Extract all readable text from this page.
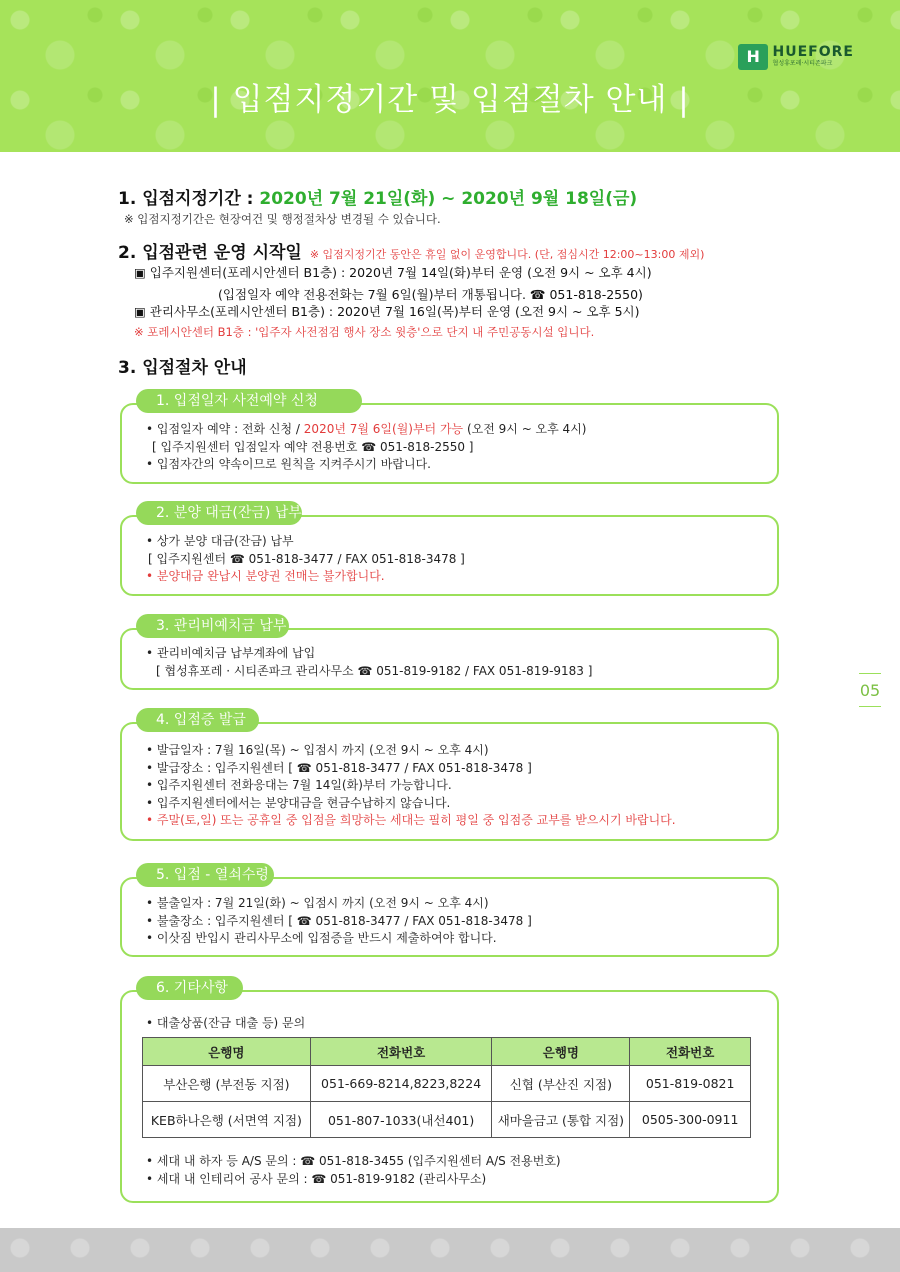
H HUEFORE
협성휴포레·시티존파크
| 입점지정기간 및 입점절차 안내 |
1. 입점지정기간 : 2020년 7월 21일(화) ~ 2020년 9월 18일(금)
※ 입점지정기간은 현장여건 및 행정절차상 변경될 수 있습니다.
2. 입점관련 운영 시작일 ※ 입점지정기간 동안은 휴일 없이 운영합니다. (단, 점심시간 12:00~13:00 제외)
▣ 입주지원센터(포레시안센터 B1층) : 2020년 7월 14일(화)부터 운영 (오전 9시 ~ 오후 4시)
(입점일자 예약 전용전화는 7월 6일(월)부터 개통됩니다. ☎ 051-818-2550)
▣ 관리사무소(포레시안센터 B1층) : 2020년 7월 16일(목)부터 운영 (오전 9시 ~ 오후 5시)
※ 포레시안센터 B1층 : '입주자 사전점검 행사 장소 윗층'으로 단지 내 주민공동시설 입니다.
3. 입점절차 안내
1. 입점일자 사전예약 신청
• 입점일자 예약 : 전화 신청 / 2020년 7월 6일(월)부터 가능 (오전 9시 ~ 오후 4시)
[ 입주지원센터 입점일자 예약 전용번호 ☎ 051-818-2550 ]
• 입점자간의 약속이므로 원칙을 지켜주시기 바랍니다.
2. 분양 대금(잔금) 납부
• 상가 분양 대금(잔금) 납부
[ 입주지원센터 ☎ 051-818-3477 / FAX 051-818-3478 ]
• 분양대금 완납시 분양권 전매는 불가합니다.
3. 관리비예치금 납부
• 관리비예치금 납부계좌에 납입
[ 협성휴포레 · 시티존파크 관리사무소 ☎ 051-819-9182 / FAX 051-819-9183 ]
4. 입점증 발급
• 발급일자 : 7월 16일(목) ~ 입점시 까지 (오전 9시 ~ 오후 4시)
• 발급장소 : 입주지원센터 [ ☎ 051-818-3477 / FAX 051-818-3478 ]
• 입주지원센터 전화응대는 7월 14일(화)부터 가능합니다.
• 입주지원센터에서는 분양대금을 현금수납하지 않습니다.
• 주말(토,일) 또는 공휴일 중 입점을 희망하는 세대는 필히 평일 중 입점증 교부를 받으시기 바랍니다.
5. 입점 - 열쇠수령
• 불출일자 : 7월 21일(화) ~ 입점시 까지 (오전 9시 ~ 오후 4시)
• 불출장소 : 입주지원센터 [ ☎ 051-818-3477 / FAX 051-818-3478 ]
• 이삿짐 반입시 관리사무소에 입점증을 반드시 제출하여야 합니다.
6. 기타사항
• 대출상품(잔금 대출 등) 문의
은행명	전화번호	은행명	전화번호
부산은행 (부전동 지점)	051-669-8214,8223,8224	신협 (부산진 지점)	051-819-0821
KEB하나은행 (서면역 지점)	051-807-1033(내선401)	새마을금고 (통합 지점)	0505-300-0911
• 세대 내 하자 등 A/S 문의 : ☎ 051-818-3455 (입주지원센터 A/S 전용번호)
• 세대 내 인테리어 공사 문의 : ☎ 051-819-9182 (관리사무소)
05
